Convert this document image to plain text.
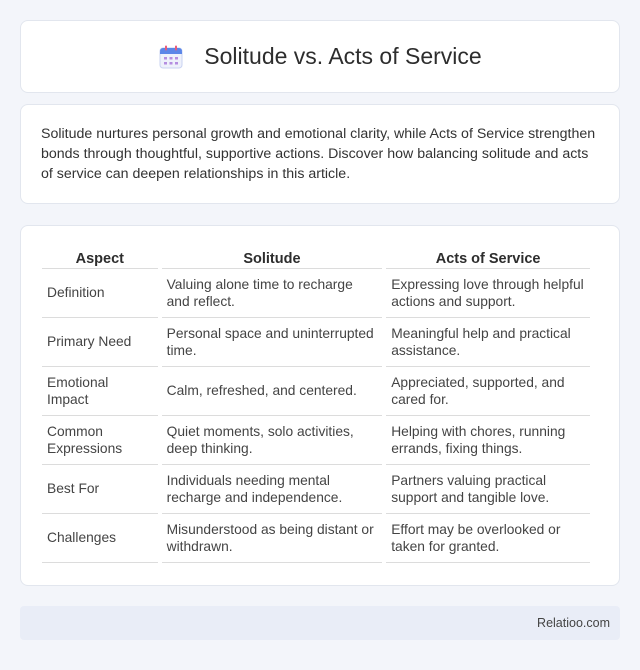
Solitude vs. Acts of Service

Solitude nurtures personal growth and emotional clarity, while Acts of Service strengthen bonds through thoughtful, supportive actions. Discover how balancing solitude and acts of service can deepen relationships in this article.

Aspect	Solitude	Acts of Service
Definition	Valuing alone time to recharge and reflect.	Expressing love through helpful actions and support.
Primary Need	Personal space and uninterrupted time.	Meaningful help and practical assistance.
Emotional Impact	Calm, refreshed, and centered.	Appreciated, supported, and cared for.
Common Expressions	Quiet moments, solo activities, deep thinking.	Helping with chores, running errands, fixing things.
Best For	Individuals needing mental recharge and independence.	Partners valuing practical support and tangible love.
Challenges	Misunderstood as being distant or withdrawn.	Effort may be overlooked or taken for granted.
Relatioo.com
